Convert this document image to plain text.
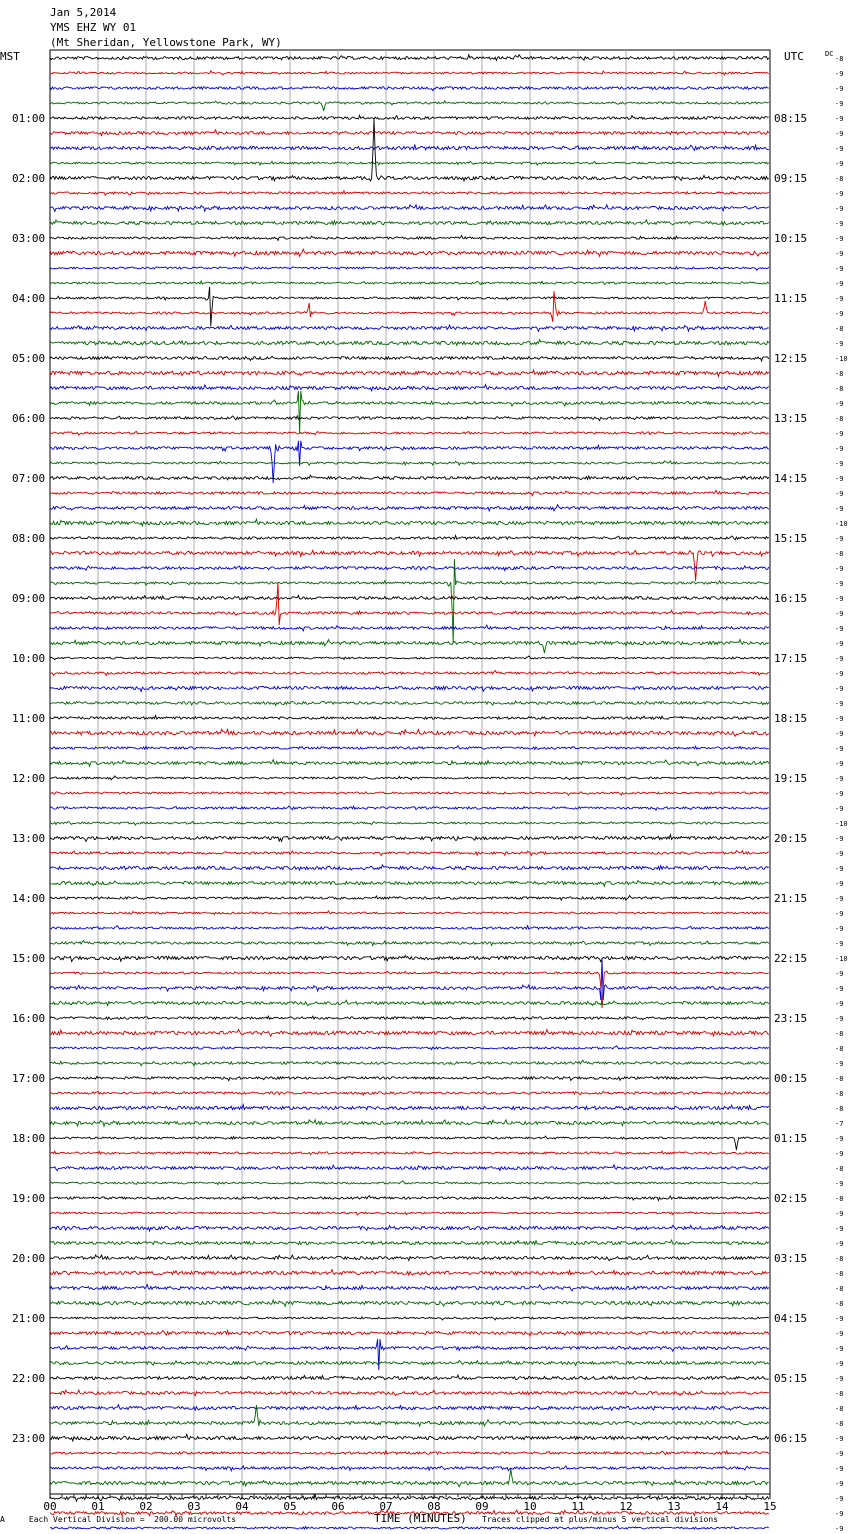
Jan 5,2014
YMS EHZ WY 01
(Mt Sheridan, Yellowstone Park, WY)
MST	UTC	DC
01:00
02:00
03:00
04:00
05:00
06:00
07:00
08:00
09:00
10:00
11:00
12:00
13:00
14:00
15:00
16:00
17:00
18:00
19:00
20:00
21:00
22:00
23:00
08:15
09:15
10:15
11:15
12:15
13:15
14:15
15:15
16:15
17:15
18:15
19:15
20:15
21:15
22:15
23:15
00:15
01:15
02:15
03:15
04:15
05:15
06:15
-8
-9
-9
-9
-9
-9
-9
-9
-8
-9
-9
-9
-9
-9
-9
-9
-9
-9
-8
-9
-10
-8
-8
-9
-8
-9
-9
-9
-9
-9
-9
-10
-9
-8
-9
-9
-9
-9
-9
-9
-9
-9
-9
-9
-9
-9
-9
-9
-9
-9
-9
-10
-9
-9
-9
-9
-9
-9
-9
-9
-10
-9
-9
-9
-9
-8
-8
-9
-8
-8
-8
-7
-9
-9
-8
-9
-8
-9
-9
-9
-8
-8
-8
-8
-9
-9
-9
-9
-9
-8
-8
-8
-9
-9
-9
-9
-9
-9
-9
00	01	02	03	04	05	06	07	08	09	10	11	12	13	14	15
A	Each Vertical Division =  200.00 microvolts	TIME (MINUTES) Traces clipped at plus/minus 5 vertical divisions
